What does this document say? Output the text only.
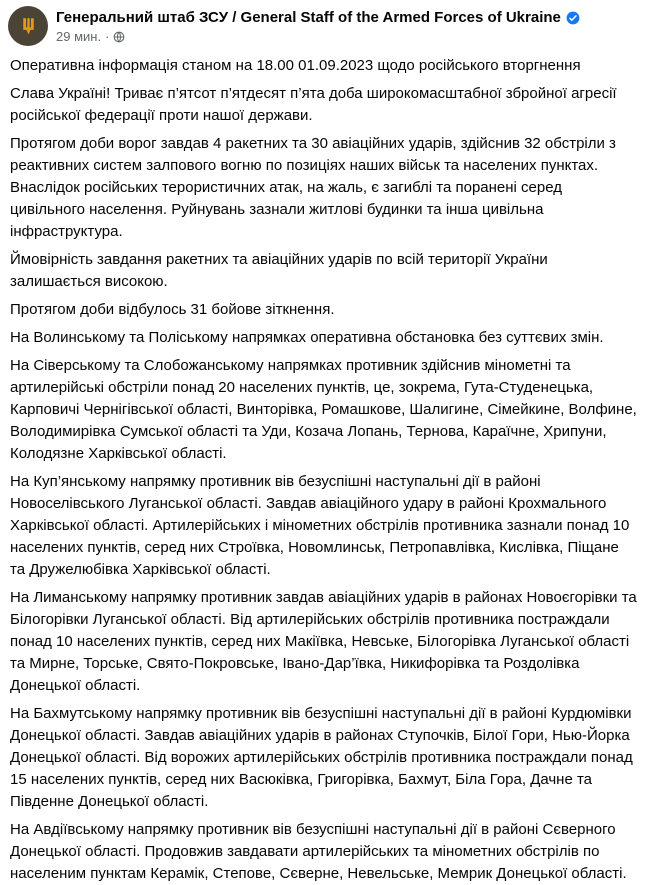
Генеральний штаб ЗСУ / General Staff of the Armed Forces of Ukraine
29 мин. ·

Оперативна інформація станом на 18.00 01.09.2023 щодо російського вторгнення

Слава Україні! Триває п’ятсот п’ятдесят п’ята доба широкомасштабної збройної агресії російської федерації проти нашої держави.

Протягом доби ворог завдав 4 ракетних та 30 авіаційних ударів, здійснив 32 обстріли з реактивних систем залпового вогню по позиціях наших військ та населених пунктах. Внаслідок російських терористичних атак, на жаль, є загиблі та поранені серед цивільного населення. Руйнувань зазнали житлові будинки та інша цивільна інфраструктура.

Ймовірність завдання ракетних та авіаційних ударів по всій території України залишається високою.

Протягом доби відбулось 31 бойове зіткнення.

На Волинському та Поліському напрямках оперативна обстановка без суттєвих змін.

На Сіверському та Слобожанському напрямках противник здійснив мінометні та артилерійські обстріли понад 20 населених пунктів, це, зокрема, Гута-Студенецька, Карповичі Чернігівської області, Винторівка, Ромашкове, Шалигине, Сімейкине, Волфине, Володимирівка Сумської області та Уди, Козача Лопань, Тернова, Караїчне, Хрипуни, Колодязне Харківської області.

На Куп’янському напрямку противник вів безуспішні наступальні дії в районі Новоселівського Луганської області. Завдав авіаційного удару в районі Крохмального Харківської області. Артилерійських і мінометних обстрілів противника зазнали понад 10 населених пунктів, серед них Строївка, Новомлинськ, Петропавлівка, Кислівка, Піщане та Дружелюбівка Харківської області.

На Лиманському напрямку противник завдав авіаційних ударів в районах Новоєгорівки та Білогорівки Луганської області. Від артилерійських обстрілів противника постраждали понад 10 населених пунктів, серед них Макіївка, Невське, Білогорівка Луганської області та Мирне, Торське, Свято-Покровське, Івано-Дар’ївка, Никифорівка та Роздолівка Донецької області.

На Бахмутському напрямку противник вів безуспішні наступальні дії в районі Курдюмівки Донецької області. Завдав авіаційних ударів в районах Ступочків, Білої Гори, Нью-Йорка Донецької області. Від ворожих артилерійських обстрілів противника постраждали понад 15 населених пунктів, серед них Васюківка, Григорівка, Бахмут, Біла Гора, Дачне та Південне Донецької області.

На Авдіївському напрямку противник вів безуспішні наступальні дії в районі Сєверного Донецької області. Продовжив завдавати артилерійських та мінометних обстрілів по населеним пунктам Керамік, Степове, Сєверне, Невельське, Мемрик Донецької області.
